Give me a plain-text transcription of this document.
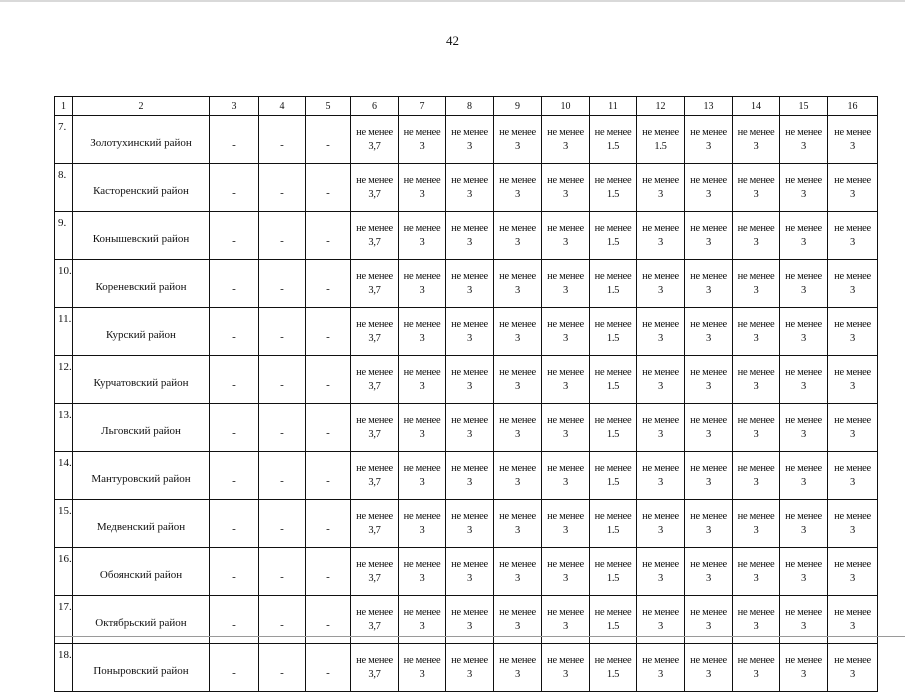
42
1	2	3	4	5	6	7	8	9	10	11	12	13	14	15	16
7.	Золотухинский район	-	-	-	не менее
3,7	не менее
3	не менее
3	не менее
3	не менее
3	не менее
1.5	не менее
1.5	не менее
3	не менее
3	не менее
3	не менее
3

8.	Касторенский район	-	-	-	не менее
3,7	не менее
3	не менее
3	не менее
3	не менее
3	не менее
1.5	не менее
3	не менее
3	не менее
3	не менее
3	не менее
3

9.	Конышевский район	-	-	-	не менее
3,7	не менее
3	не менее
3	не менее
3	не менее
3	не менее
1.5	не менее
3	не менее
3	не менее
3	не менее
3	не менее
3

10.	Кореневский район	-	-	-	не менее
3,7	не менее
3	не менее
3	не менее
3	не менее
3	не менее
1.5	не менее
3	не менее
3	не менее
3	не менее
3	не менее
3

11.	Курский район	-	-	-	не менее
3,7	не менее
3	не менее
3	не менее
3	не менее
3	не менее
1.5	не менее
3	не менее
3	не менее
3	не менее
3	не менее
3

12.	Курчатовский район	-	-	-	не менее
3,7	не менее
3	не менее
3	не менее
3	не менее
3	не менее
1.5	не менее
3	не менее
3	не менее
3	не менее
3	не менее
3

13.	Льговский район	-	-	-	не менее
3,7	не менее
3	не менее
3	не менее
3	не менее
3	не менее
1.5	не менее
3	не менее
3	не менее
3	не менее
3	не менее
3

14.	Мантуровский район	-	-	-	не менее
3,7	не менее
3	не менее
3	не менее
3	не менее
3	не менее
1.5	не менее
3	не менее
3	не менее
3	не менее
3	не менее
3

15.	Медвенский район	-	-	-	не менее
3,7	не менее
3	не менее
3	не менее
3	не менее
3	не менее
1.5	не менее
3	не менее
3	не менее
3	не менее
3	не менее
3

16.	Обоянский район	-	-	-	не менее
3,7	не менее
3	не менее
3	не менее
3	не менее
3	не менее
1.5	не менее
3	не менее
3	не менее
3	не менее
3	не менее
3

17.	Октябрьский район	-	-	-	не менее
3,7	не менее
3	не менее
3	не менее
3	не менее
3	не менее
1.5	не менее
3	не менее
3	не менее
3	не менее
3	не менее
3

18.	Поныровский район	-	-	-	не менее
3,7	не менее
3	не менее
3	не менее
3	не менее
3	не менее
1.5	не менее
3	не менее
3	не менее
3	не менее
3	не менее
3
